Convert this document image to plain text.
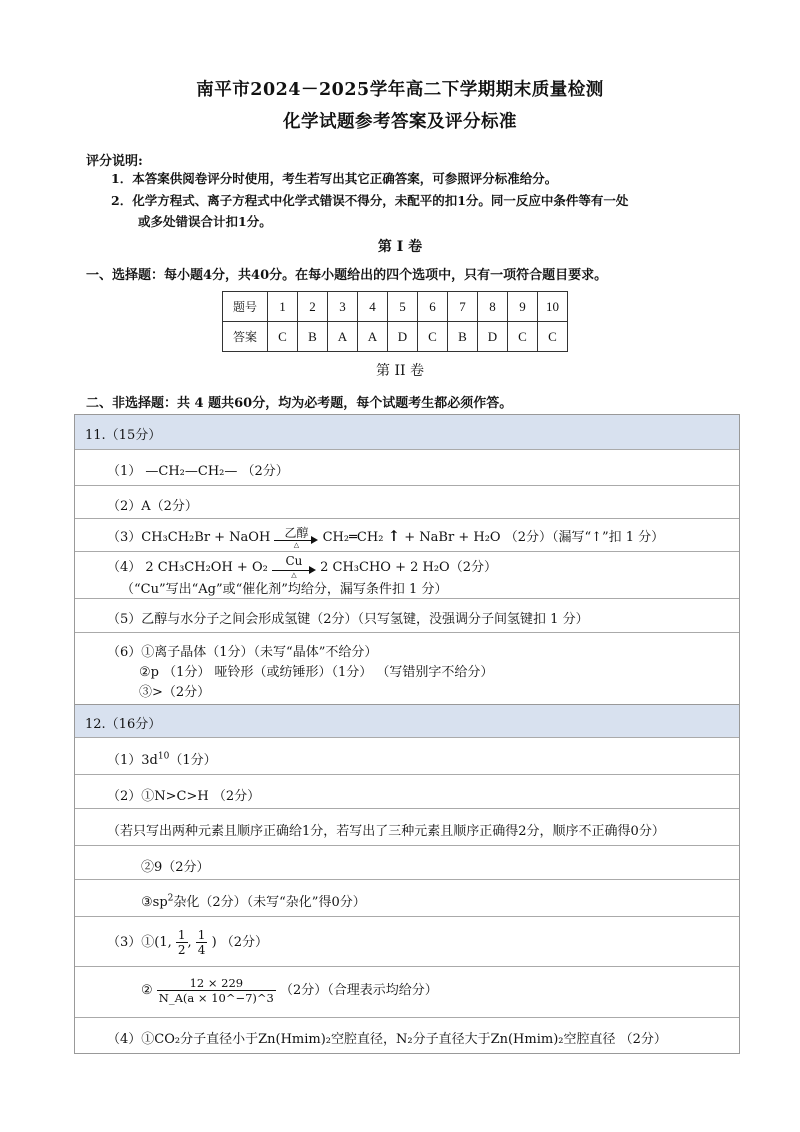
南平市2024－2025学年高二下学期期末质量检测
化学试题参考答案及评分标准
评分说明:
1．本答案供阅卷评分时使用，考生若写出其它正确答案，可参照评分标准给分。
2．化学方程式、离子方程式中化学式错误不得分，未配平的扣1分。同一反应中条件等有一处
或多处错误合计扣1分。
第 I 卷
一、选择题：每小题4分，共40分。在每小题给出的四个选项中，只有一项符合题目要求。
题号	1	2	3	4	5	6	7	8	9	10
答案	C	B	A	A	D	C	B	D	C	C
第 II 卷
二、非选择题：共 4 题共60分，均为必考题，每个试题考生都必须作答。
11.（15分）
（1） —CH₂—CH₂— （2分）
（2）A（2分）
（3）CH₃CH₂Br + NaOH	乙醇
△	CH₂═CH₂ ↑ + NaBr + H₂O （2分）（漏写“↑”扣 1 分）
（4） 2 CH₃CH₂OH + O₂	Cu
△	2 CH₃CHO + 2 H₂O（2分）
（“Cu”写出“Ag”或“催化剂”均给分，漏写条件扣 1 分）
（5）乙醇与水分子之间会形成氢键（2分）（只写氢键，没强调分子间氢键扣 1 分）
（6）①离子晶体（1分）（未写“晶体”不给分）
②p （1分） 哑铃形（或纺锤形）（1分） （写错别字不给分）
③>（2分）
12.（16分）
$(1)3d^{10}(1$分）
（2）①N>C>H （2分）
（若只写出两种元素且顺序正确给1分，若写出了三种元素且顺序正确得2分，顺序不正确得0分）
②9（2分）
$③sp^2$杂化（2分）（未写“杂化”得0分）
（3）①(1, $\frac{1}{2}$ , $\frac{1}{4}$ ) （2分）
② $\frac{12 \times 229}{N\_A(a \times 10\^{}-7)\^{}3} (2$分）（合理表示均给分）
（4）①CO₂分子直径小于Zn(Hmim)₂空腔直径，N₂分子直径大于Zn(Hmim)₂空腔直径 （2分）
